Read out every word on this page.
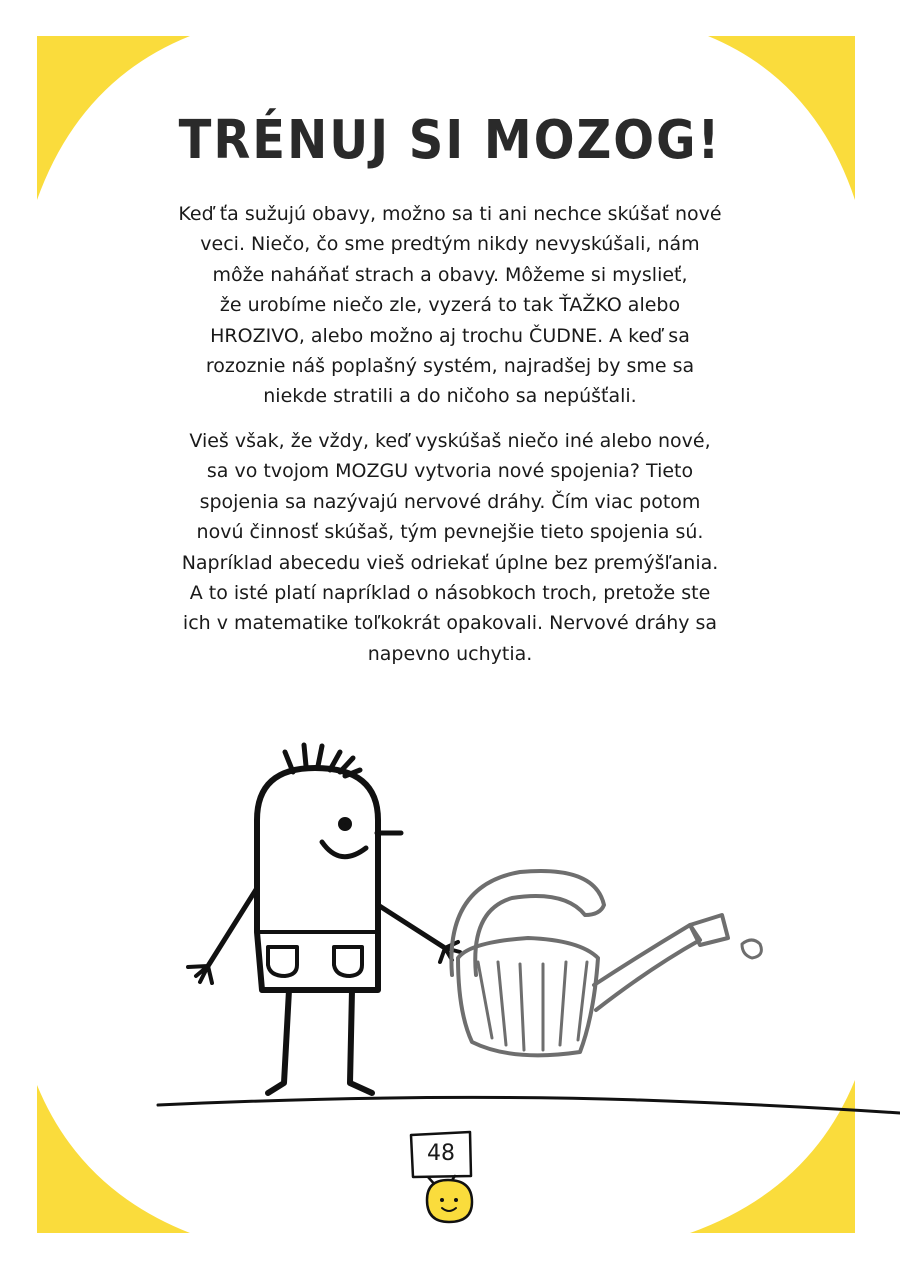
TRÉNUJ SI MOZOG!
Keď ťa sužujú obavy, možno sa ti ani nechce skúšať nové
veci. Niečo, čo sme predtým nikdy nevyskúšali, nám
môže naháňať strach a obavy. Môžeme si myslieť,
že urobíme niečo zle, vyzerá to tak ŤAŽKO alebo
HROZIVO, alebo možno aj trochu ČUDNE. A keď sa
rozoznie náš poplašný systém, najradšej by sme sa
niekde stratili a do ničoho sa nepúšťali.
Vieš však, že vždy, keď vyskúšaš niečo iné alebo nové,
sa vo tvojom MOZGU vytvoria nové spojenia? Tieto
spojenia sa nazývajú nervové dráhy. Čím viac potom
novú činnosť skúšaš, tým pevnejšie tieto spojenia sú.
Napríklad abecedu vieš odriekať úplne bez premýšľania.
A to isté platí napríklad o násobkoch troch, pretože ste
ich v matematike toľkokrát opakovali. Nervové dráhy sa
napevno uchytia.
48
